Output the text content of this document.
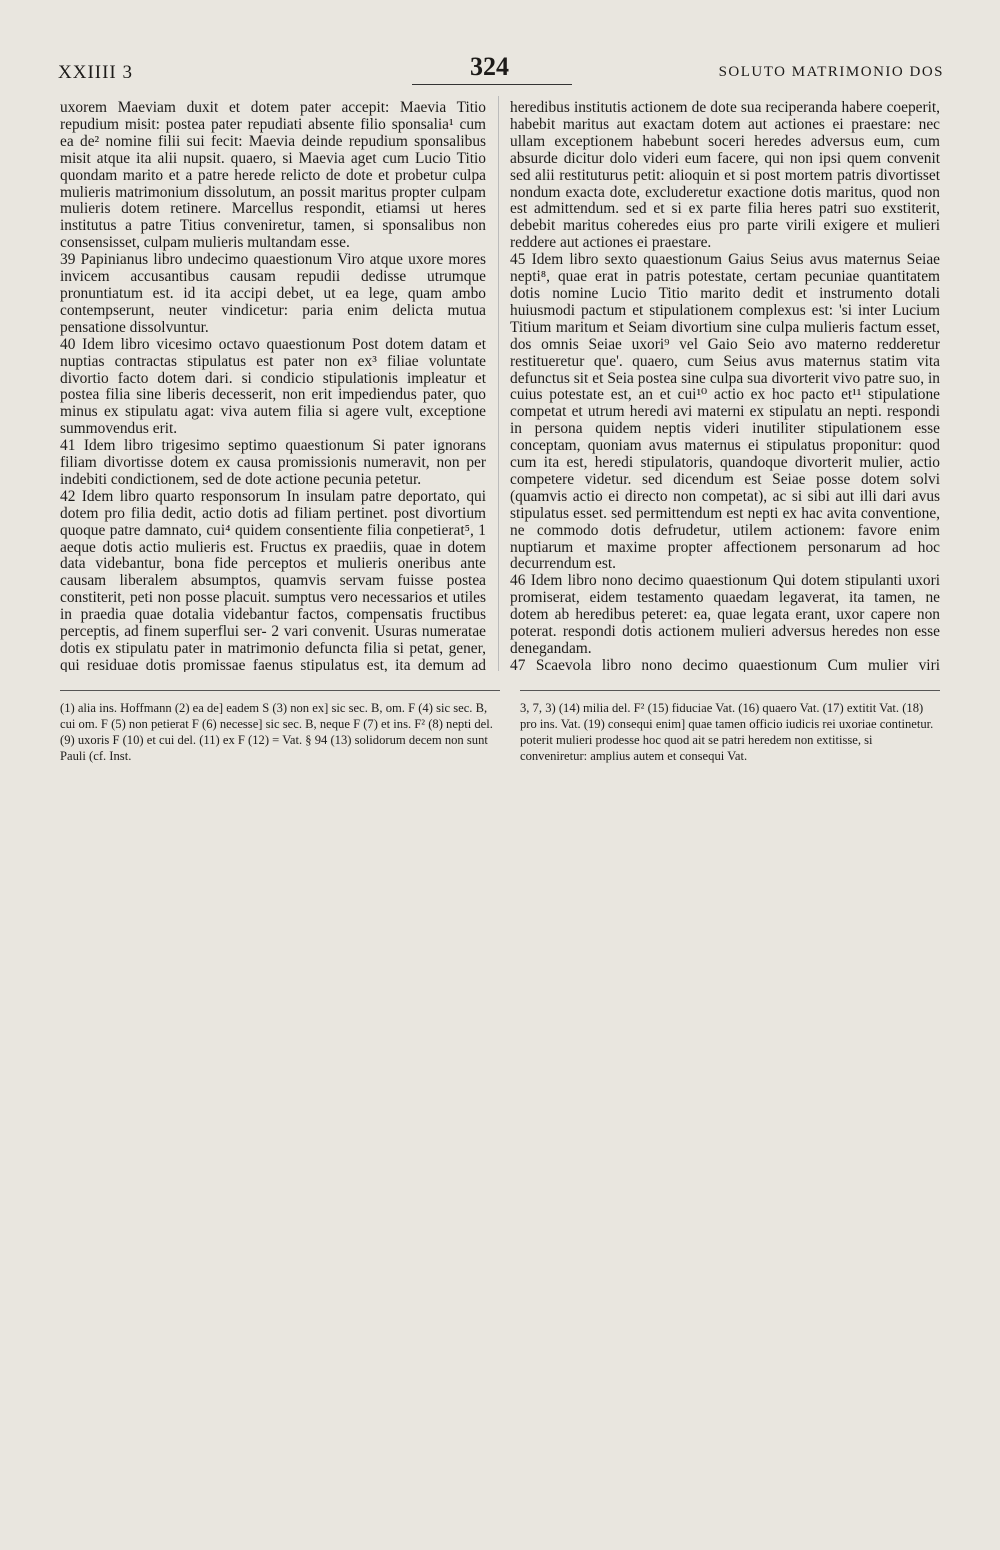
XXIIII 3	324	SOLUTO MATRIMONIO DOS

uxorem Maeviam duxit et dotem pater accepit: Maevia Titio repudium misit: postea pater repudiati absente filio sponsalia¹ cum ea de² nomine filii sui fecit: Maevia deinde repudium sponsalibus misit atque ita alii nupsit. quaero, si Maevia aget cum Lucio Titio quondam marito et a patre herede relicto de dote et probetur culpa mulieris matrimonium dissolutum, an possit maritus propter culpam mulieris dotem retinere. Marcellus respondit, etiamsi ut heres institutus a patre Titius conveniretur, tamen, si sponsalibus non consensisset, culpam mulieris multandam esse.

39 Papinianus libro undecimo quaestionum Viro atque uxore mores invicem accusantibus causam repudii dedisse utrumque pronuntiatum est. id ita accipi debet, ut ea lege, quam ambo contempserunt, neuter vindicetur: paria enim delicta mutua pensatione dissolvuntur.

40 Idem libro vicesimo octavo quaestionum Post dotem datam et nuptias contractas stipulatus est pater non ex³ filiae voluntate divortio facto dotem dari. si condicio stipulationis impleatur et postea filia sine liberis decesserit, non erit impediendus pater, quo minus ex stipulatu agat: viva autem filia si agere vult, exceptione summovendus erit.

41 Idem libro trigesimo septimo quaestionum Si pater ignorans filiam divortisse dotem ex causa promissionis numeravit, non per indebiti condictionem, sed de dote actione pecunia petetur.

42 Idem libro quarto responsorum In insulam patre deportato, qui dotem pro filia dedit, actio dotis ad filiam pertinet. post divortium quoque patre damnato, cui⁴ quidem consentiente filia conpetierat⁵, 1 aeque dotis actio mulieris est. Fructus ex praediis, quae in dotem data videbantur, bona fide perceptos et mulieris oneribus ante causam liberalem absumptos, quamvis servam fuisse postea constiterit, peti non posse placuit. sumptus vero necessarios et utiles in praedia quae dotalia videbantur factos, compensatis fructibus perceptis, ad finem superflui ser- 2 vari convenit. Usuras numeratae dotis ex stipulatu pater in matrimonio defuncta filia si petat, gener, qui residuae dotis promissae faenus stipulatus est, ita demum ad

heredibus institutis actionem de dote sua reciperanda habere coeperit, habebit maritus aut exactam dotem aut actiones ei praestare: nec ullam exceptionem habebunt soceri heredes adversus eum, cum absurde dicitur dolo videri eum facere, qui non ipsi quem convenit sed alii restituturus petit: alioquin et si post mortem patris divortisset nondum exacta dote, excluderetur exactione dotis maritus, quod non est admittendum. sed et si ex parte filia heres patri suo exstiterit, debebit maritus coheredes eius pro parte virili exigere et mulieri reddere aut actiones ei praestare.

45 Idem libro sexto quaestionum Gaius Seius avus maternus Seiae nepti⁸, quae erat in patris potestate, certam pecuniae quantitatem dotis nomine Lucio Titio marito dedit et instrumento dotali huiusmodi pactum et stipulationem complexus est: 'si inter Lucium Titium maritum et Seiam divortium sine culpa mulieris factum esset, dos omnis Seiae uxori⁹ vel Gaio Seio avo materno redderetur restitueretur que'. quaero, cum Seius avus maternus statim vita defunctus sit et Seia postea sine culpa sua divorterit vivo patre suo, in cuius potestate est, an et cui¹⁰ actio ex hoc pacto et¹¹ stipulatione competat et utrum heredi avi materni ex stipulatu an nepti. respondi in persona quidem neptis videri inutiliter stipulationem esse conceptam, quoniam avus maternus ei stipulatus proponitur: quod cum ita est, heredi stipulatoris, quandoque divorterit mulier, actio competere videtur. sed dicendum est Seiae posse dotem solvi (quamvis actio ei directo non competat), ac si sibi aut illi dari avus stipulatus esset. sed permittendum est nepti ex hac avita conventione, ne commodo dotis defrudetur, utilem actionem: favore enim nuptiarum et maxime propter affectionem personarum ad hoc decurrendum est.

46 Idem libro nono decimo quaestionum Qui dotem stipulanti uxori promiserat, eidem testamento quaedam legaverat, ita tamen, ne dotem ab heredibus peteret: ea, quae legata erant, uxor capere non poterat. respondi dotis actionem mulieri adversus heredes non esse denegandam.

47 Scaevola libro nono decimo quaestionum Cum mulier viri

(1) alia ins. Hoffmann (2) ea de] eadem S (3) non ex] sic sec. B, om. F (4) sic sec. B, cui om. F (5) non petierat F (6) necesse] sic sec. B, neque F (7) et ins. F² (8) nepti del. (9) uxoris F (10) et cui del. (11) ex F (12) = Vat. § 94 (13) solidorum decem non sunt Pauli (cf. Inst.
3, 7, 3) (14) milia del. F² (15) fiduciae Vat. (16) quaero Vat. (17) extitit Vat. (18) pro ins. Vat. (19) consequi enim] quae tamen officio iudicis rei uxoriae continetur. poterit mulieri prodesse hoc quod ait se patri heredem non extitisse, si conveniretur: amplius autem et consequi Vat.
